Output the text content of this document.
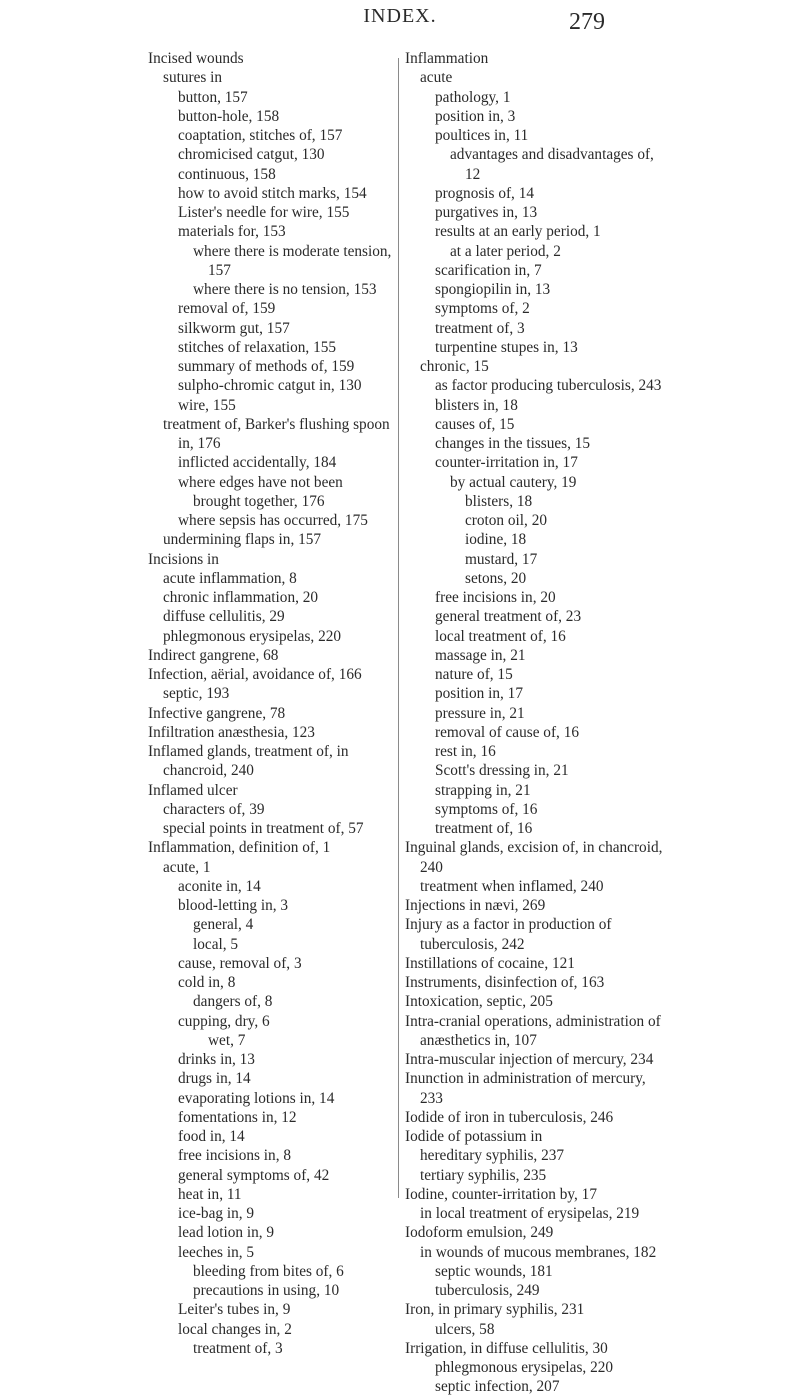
INDEX.	279
Incised wounds
sutures in
button, 157
button-hole, 158
coaptation, stitches of, 157
chromicised catgut, 130
continuous, 158
how to avoid stitch marks, 154
Lister's needle for wire, 155
materials for, 153
where there is moderate tension, 157
where there is no tension, 153
removal of, 159
silkworm gut, 157
stitches of relaxation, 155
summary of methods of, 159
sulpho-chromic catgut in, 130
wire, 155
treatment of, Barker's flushing spoon in, 176
inflicted accidentally, 184
where edges have not been brought together, 176
where sepsis has occurred, 175
undermining flaps in, 157
Incisions in
acute inflammation, 8
chronic inflammation, 20
diffuse cellulitis, 29
phlegmonous erysipelas, 220
Indirect gangrene, 68
Infection, aërial, avoidance of, 166
septic, 193
Infective gangrene, 78
Infiltration anæsthesia, 123
Inflamed glands, treatment of, in chancroid, 240
Inflamed ulcer
characters of, 39
special points in treatment of, 57
Inflammation, definition of, 1
acute, 1
aconite in, 14
blood-letting in, 3
general, 4
local, 5
cause, removal of, 3
cold in, 8
dangers of, 8
cupping, dry, 6
wet, 7
drinks in, 13
drugs in, 14
evaporating lotions in, 14
fomentations in, 12
food in, 14
free incisions in, 8
general symptoms of, 42
heat in, 11
ice-bag in, 9
lead lotion in, 9
leeches in, 5
bleeding from bites of, 6
precautions in using, 10
Leiter's tubes in, 9
local changes in, 2
treatment of, 3
Inflammation
acute
pathology, 1
position in, 3
poultices in, 11
advantages and disadvantages of, 12
prognosis of, 14
purgatives in, 13
results at an early period, 1
at a later period, 2
scarification in, 7
spongiopilin in, 13
symptoms of, 2
treatment of, 3
turpentine stupes in, 13
chronic, 15
as factor producing tuberculosis, 243
blisters in, 18
causes of, 15
changes in the tissues, 15
counter-irritation in, 17
by actual cautery, 19
blisters, 18
croton oil, 20
iodine, 18
mustard, 17
setons, 20
free incisions in, 20
general treatment of, 23
local treatment of, 16
massage in, 21
nature of, 15
position in, 17
pressure in, 21
removal of cause of, 16
rest in, 16
Scott's dressing in, 21
strapping in, 21
symptoms of, 16
treatment of, 16
Inguinal glands, excision of, in chancroid, 240
treatment when inflamed, 240
Injections in nævi, 269
Injury as a factor in production of tuberculosis, 242
Instillations of cocaine, 121
Instruments, disinfection of, 163
Intoxication, septic, 205
Intra-cranial operations, administration of anæsthetics in, 107
Intra-muscular injection of mercury, 234
Inunction in administration of mercury, 233
Iodide of iron in tuberculosis, 246
Iodide of potassium in
hereditary syphilis, 237
tertiary syphilis, 235
Iodine, counter-irritation by, 17
in local treatment of erysipelas, 219
Iodoform emulsion, 249
in wounds of mucous membranes, 182
septic wounds, 181
tuberculosis, 249
Iron, in primary syphilis, 231
ulcers, 58
Irrigation, in diffuse cellulitis, 30
phlegmonous erysipelas, 220
septic infection, 207
